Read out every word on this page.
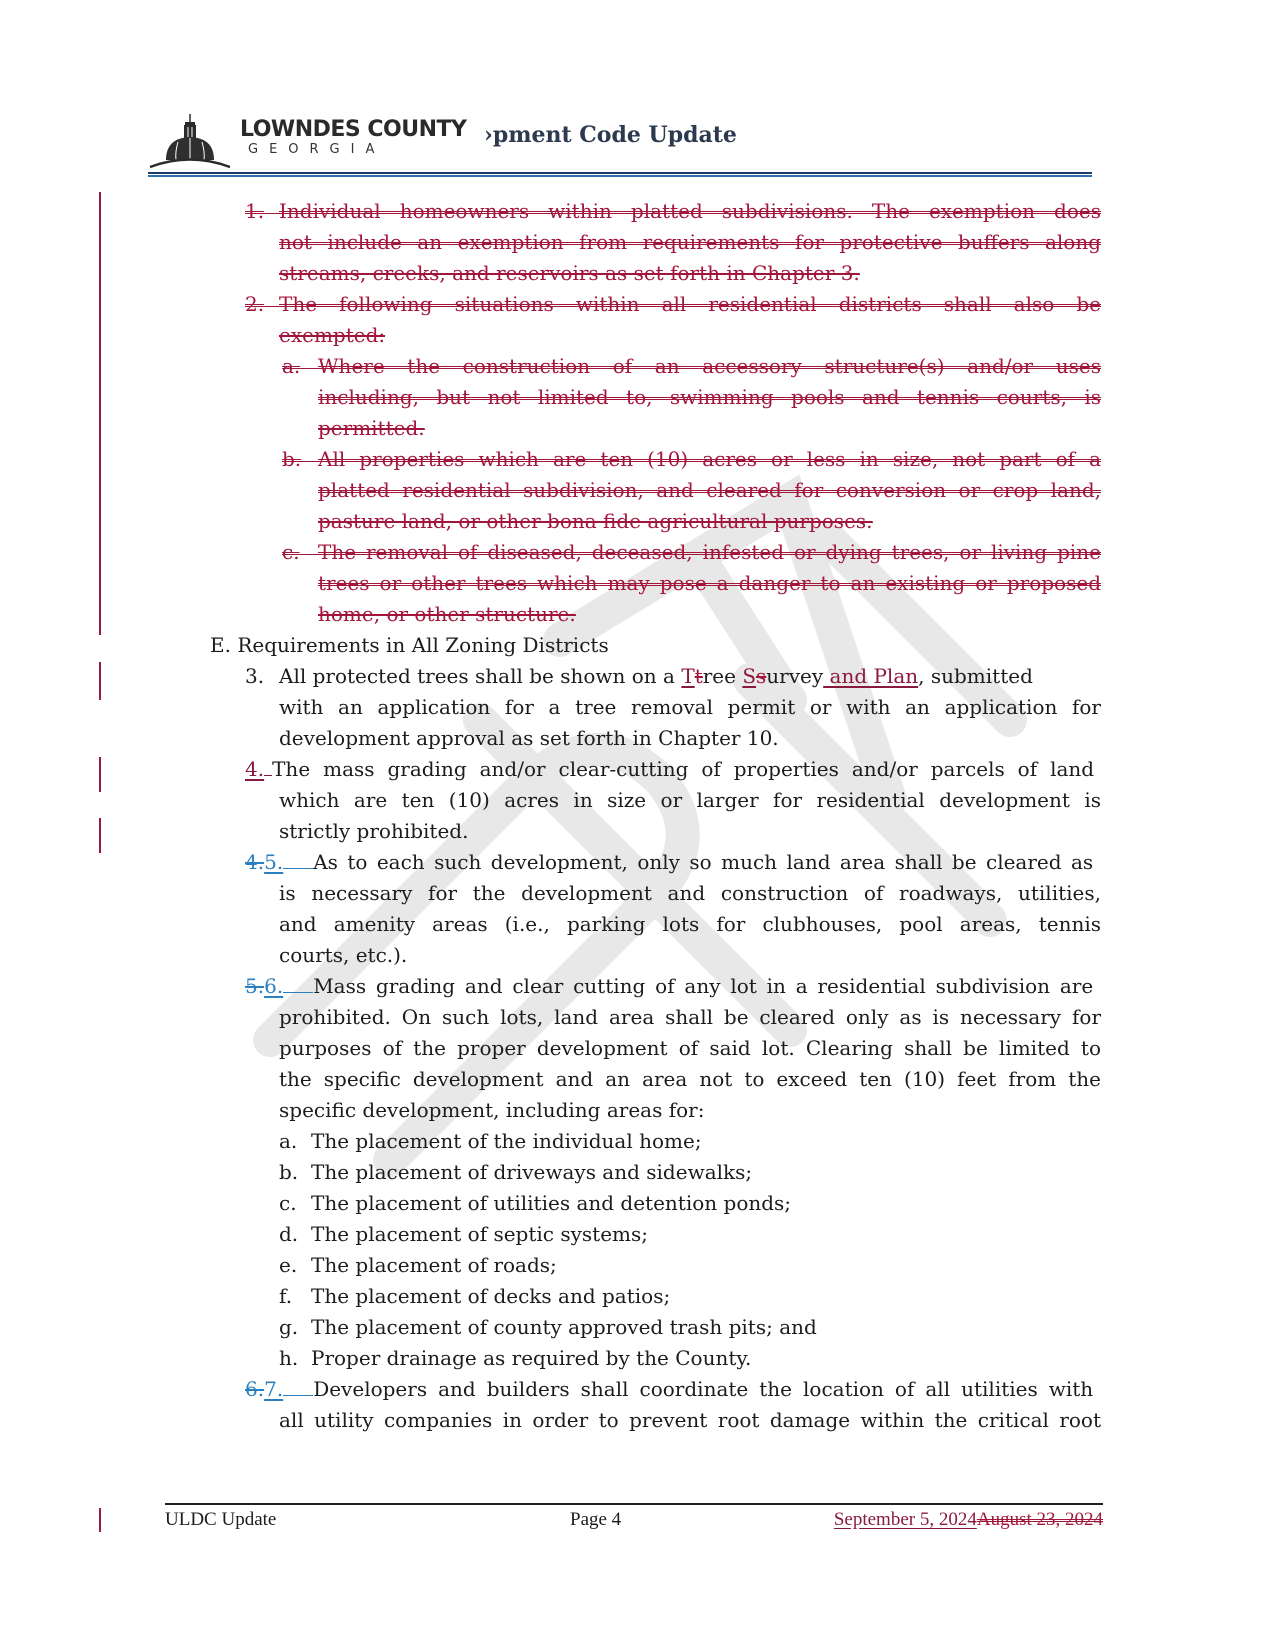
LOWNDES COUNTY
GEORGIA
›pment Code Update
1. Individual homeowners within platted subdivisions. The exemption does
not include an exemption from requirements for protective buffers along
streams, creeks, and reservoirs as set forth in Chapter 3.
2. The following situations within all residential districts shall also be
exempted:
a. Where the construction of an accessory structure(s) and/or uses
including, but not limited to, swimming pools and tennis courts, is
permitted.
b. All properties which are ten (10) acres or less in size, not part of a
platted residential subdivision, and cleared for conversion or crop land,
pasture land, or other bona fide agricultural purposes.
c. The removal of diseased, deceased, infested or dying trees, or living pine
trees or other trees which may pose a danger to an existing or proposed
home, or other structure.
E. Requirements in All Zoning Districts
3. All protected trees shall be shown on a Ttree Ssurvey and Plan, submitted
with an application for a tree removal permit or with an application for
development approval as set forth in Chapter 10.
4. The mass grading and/or clear-cutting of properties and/or parcels of land
which are ten (10) acres in size or larger for residential development is
strictly prohibited.
4.5. As to each such development, only so much land area shall be cleared as
is necessary for the development and construction of roadways, utilities,
and amenity areas (i.e., parking lots for clubhouses, pool areas, tennis
courts, etc.).
5.6. Mass grading and clear cutting of any lot in a residential subdivision are
prohibited. On such lots, land area shall be cleared only as is necessary for
purposes of the proper development of said lot. Clearing shall be limited to
the specific development and an area not to exceed ten (10) feet from the
specific development, including areas for:
a. The placement of the individual home;
b. The placement of driveways and sidewalks;
c. The placement of utilities and detention ponds;
d. The placement of septic systems;
e. The placement of roads;
f. The placement of decks and patios;
g. The placement of county approved trash pits; and
h. Proper drainage as required by the County.
6.7. Developers and builders shall coordinate the location of all utilities with
all utility companies in order to prevent root damage within the critical root
ULDC Update	Page 4	September 5, 2024August 23, 2024
